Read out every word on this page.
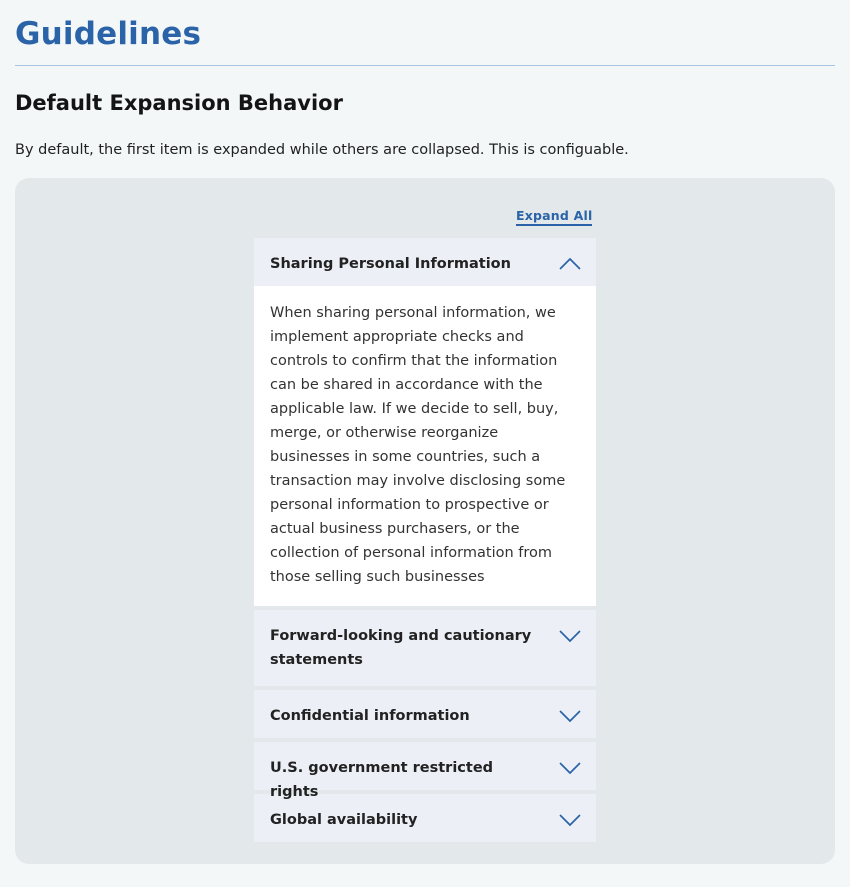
Guidelines
Default Expansion Behavior

By default, the first item is expanded while others are collapsed. This is configuable.

Expand All
Sharing Personal Information
When sharing personal information, we implement appropriate checks and controls to confirm that the information can be shared in accordance with the applicable law. If we decide to sell, buy, merge, or otherwise reorganize businesses in some countries, such a transaction may involve disclosing some personal information to prospective or actual business purchasers, or the collection of personal information from those selling such businesses
Forward-looking and cautionary statements
Confidential information
U.S. government restricted rights
Global availability
